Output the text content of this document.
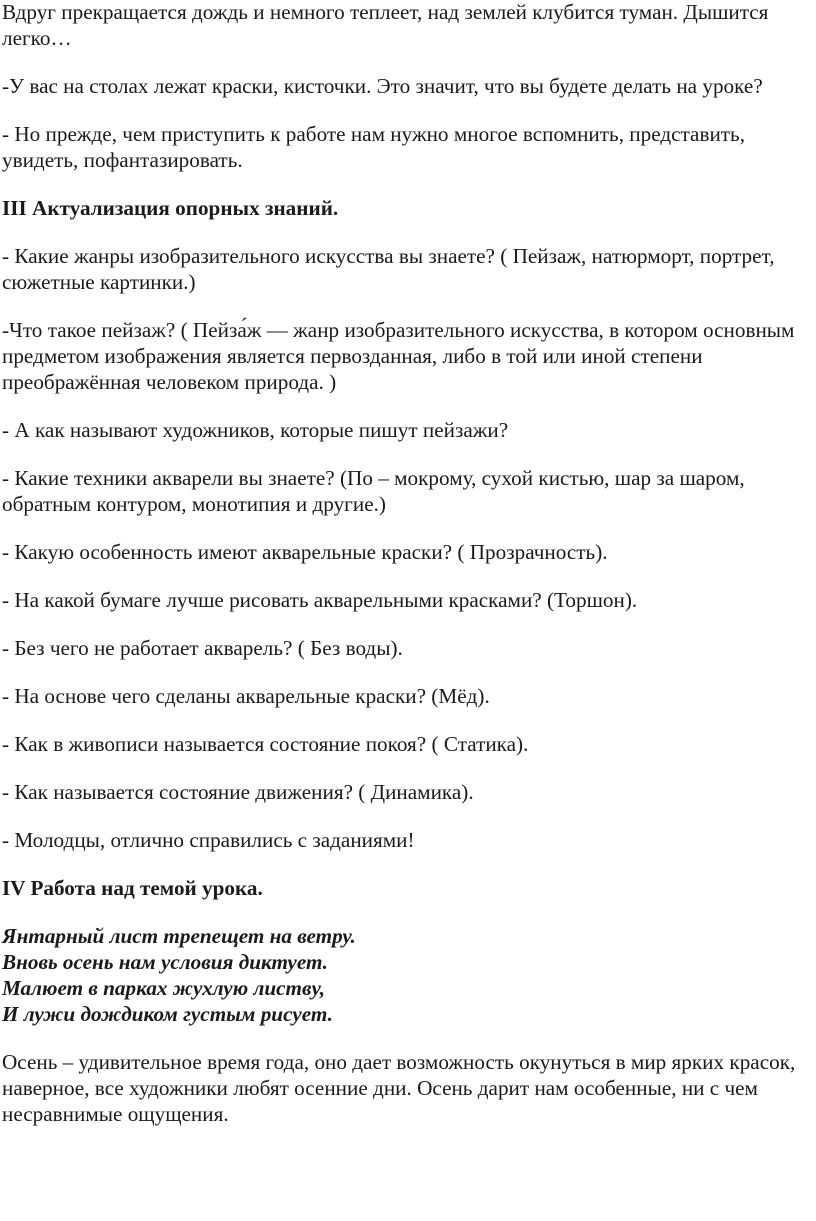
Вдруг прекращается дождь и немного теплеет, над землей клубится туман. Дышится легко…

-У вас на столах лежат краски, кисточки. Это значит, что вы будете делать на уроке?

- Но прежде, чем приступить к работе нам нужно многое вспомнить, представить, увидеть, пофантазировать.

III Актуализация опорных знаний.

- Какие жанры изобразительного искусства вы знаете? ( Пейзаж, натюрморт, портрет, сюжетные картинки.)

-Что такое пейзаж? ( Пейза́ж — жанр изобразительного искусства, в котором основным предметом изображения является первозданная, либо в той или иной степени преображённая человеком природа. )

- А как называют художников, которые пишут пейзажи?

- Какие техники акварели вы знаете? (По – мокрому, сухой кистью, шар за шаром, обратным контуром, монотипия и другие.)

- Какую особенность имеют акварельные краски? ( Прозрачность).

- На какой бумаге лучше рисовать акварельными красками? (Торшон).

- Без чего не работает акварель? ( Без воды).

- На основе чего сделаны акварельные краски? (Мёд).

- Как в живописи называется состояние покоя? ( Статика).

- Как называется состояние движения? ( Динамика).

- Молодцы, отлично справились с заданиями!

IV Работа над темой урока.

Янтарный лист трепещет на ветру.
Вновь осень нам условия диктует.
Малюет в парках жухлую листву,
И лужи дождиком густым рисует.

Осень – удивительное время года, оно дает возможность окунуться в мир ярких красок, наверное, все художники любят осенние дни. Осень дарит нам особенные, ни с чем несравнимые ощущения.
